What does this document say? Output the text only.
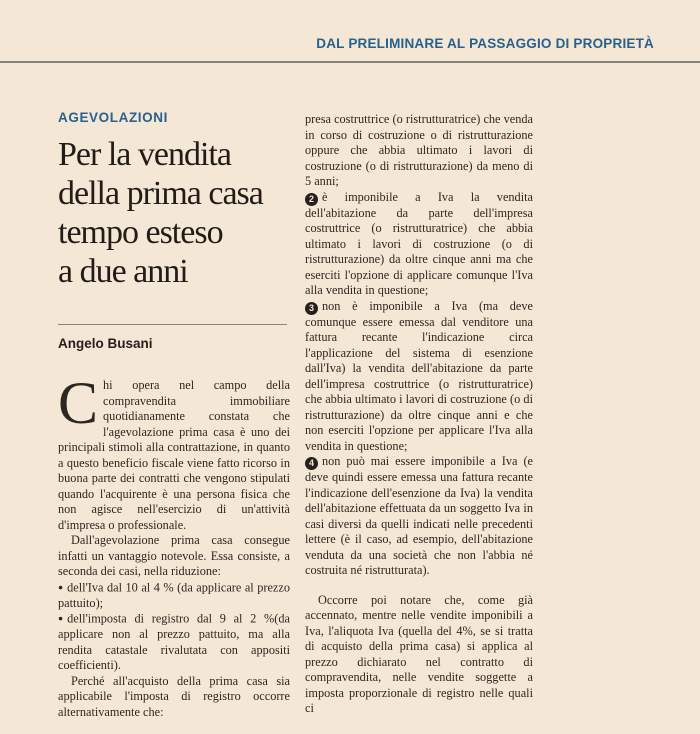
DAL PRELIMINARE AL PASSAGGIO DI PROPRIETÀ
AGEVOLAZIONI
Per la vendita
della prima casa
tempo esteso
a due anni
Angelo Busani

Chi opera nel campo della compravendita immobiliare quotidianamente constata che l'agevolazione prima casa è uno dei principali stimoli alla contrattazione, in quanto a questo beneficio fiscale viene fatto ricorso in buona parte dei contratti che vengono stipulati quando l'acquirente è una persona fisica che non agisce nell'esercizio di un'attività d'impresa o professionale.

Dall'agevolazione prima casa consegue infatti un vantaggio notevole. Essa consiste, a seconda dei casi, nella riduzione:

● dell'Iva dal 10 al 4 % (da applicare al prezzo pattuito);

● dell'imposta di registro dal 9 al 2 %(da applicare non al prezzo pattuito, ma alla rendita catastale rivalutata con appositi coefficienti).

Perché all'acquisto della prima casa sia applicabile l'imposta di registro occorre alternativamente che:

presa costruttrice (o ristrutturatrice) che venda in corso di costruzione o di ristrutturazione oppure che abbia ultimato i lavori di costruzione (o di ristrutturazione) da meno di 5 anni;

2 è imponibile a Iva la vendita dell'abitazione da parte dell'impresa costruttrice (o ristrutturatrice) che abbia ultimato i lavori di costruzione (o di ristrutturazione) da oltre cinque anni ma che eserciti l'opzione di applicare comunque l'Iva alla vendita in questione;

3 non è imponibile a Iva (ma deve comunque essere emessa dal venditore una fattura recante l'indicazione circa l'applicazione del sistema di esenzione dall'Iva) la vendita dell'abitazione da parte dell'impresa costruttrice (o ristrutturatrice) che abbia ultimato i lavori di costruzione (o di ristrutturazione) da oltre cinque anni e che non eserciti l'opzione per applicare l'Iva alla vendita in questione;

4 non può mai essere imponibile a Iva (e deve quindi essere emessa una fattura recante l'indicazione dell'esenzione da Iva) la vendita dell'abitazione effettuata da un soggetto Iva in casi diversi da quelli indicati nelle precedenti lettere (è il caso, ad esempio, dell'abitazione venduta da una società che non l'abbia né costruita né ristrutturata).

Occorre poi notare che, come già accennato, mentre nelle vendite imponibili a Iva, l'aliquota Iva (quella del 4%, se si tratta di acquisto della prima casa) si applica al prezzo dichiarato nel contratto di compravendita, nelle vendite soggette a imposta proporzionale di registro nelle quali ci
